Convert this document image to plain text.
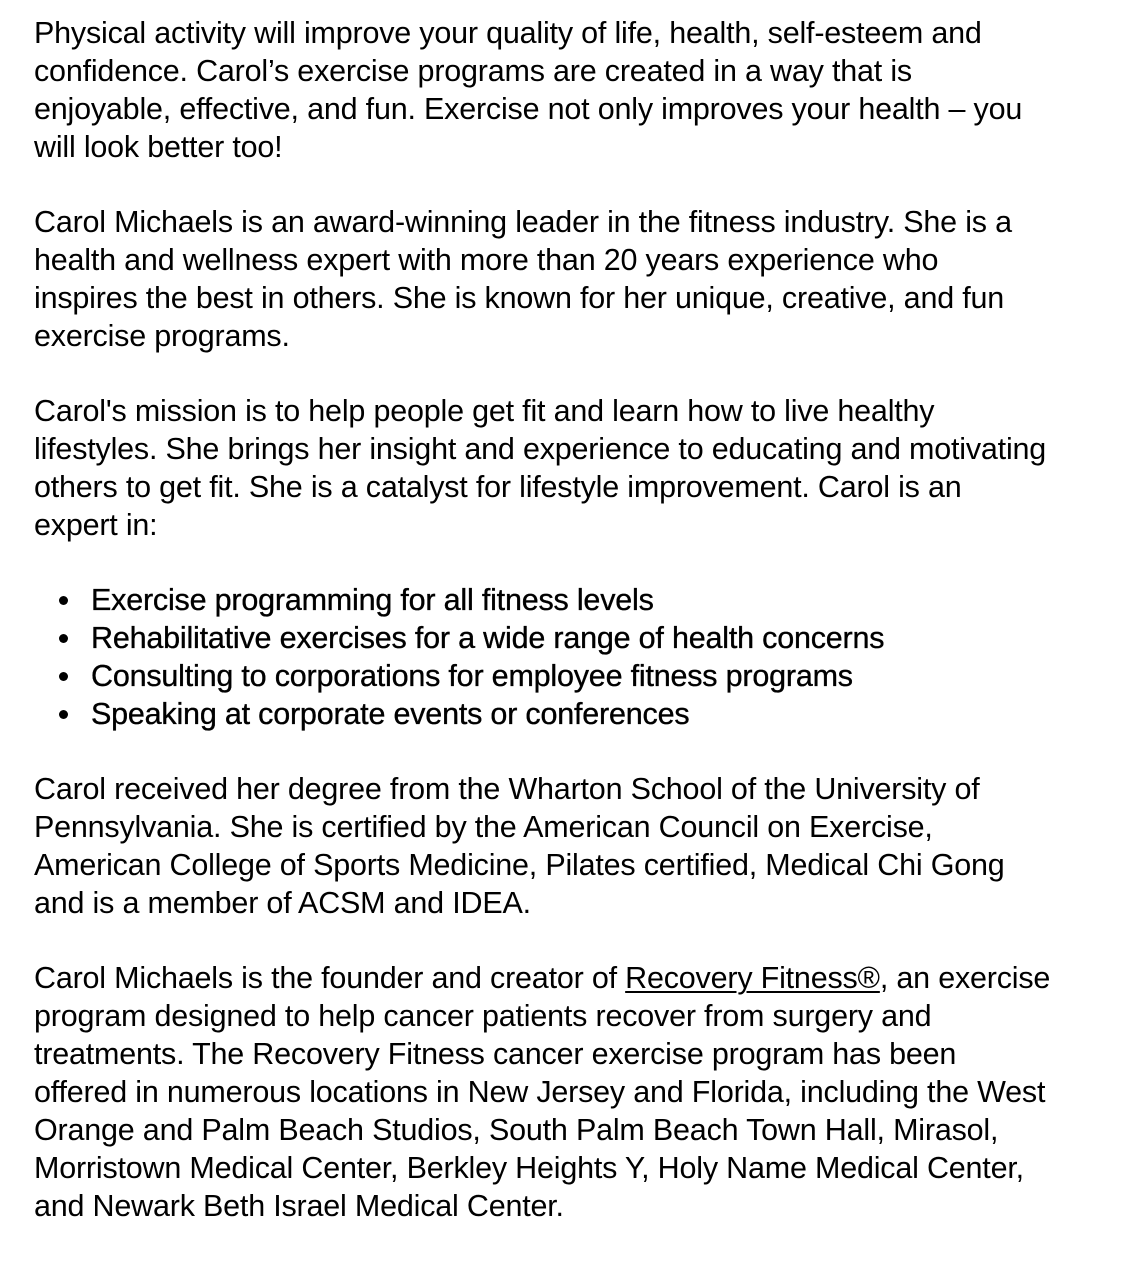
Physical activity will improve your quality of life, health, self-esteem and
confidence. Carol’s exercise programs are created in a way that is
enjoyable, effective, and fun. Exercise not only improves your health – you
will look better too!

Carol Michaels is an award-winning leader in the fitness industry. She is a
health and wellness expert with more than 20 years experience who
inspires the best in others. She is known for her unique, creative, and fun
exercise programs.

Carol's mission is to help people get fit and learn how to live healthy
lifestyles. She brings her insight and experience to educating and motivating
others to get fit. She is a catalyst for lifestyle improvement. Carol is an
expert in:

Exercise programming for all fitness levels
Rehabilitative exercises for a wide range of health concerns
Consulting to corporations for employee fitness programs
Speaking at corporate events or conferences

Carol received her degree from the Wharton School of the University of
Pennsylvania. She is certified by the American Council on Exercise,
American College of Sports Medicine, Pilates certified, Medical Chi Gong
and is a member of ACSM and IDEA.

Carol Michaels is the founder and creator of Recovery Fitness®, an exercise
program designed to help cancer patients recover from surgery and
treatments. The Recovery Fitness cancer exercise program has been
offered in numerous locations in New Jersey and Florida, including the West
Orange and Palm Beach Studios, South Palm Beach Town Hall, Mirasol,
Morristown Medical Center, Berkley Heights Y, Holy Name Medical Center,
and Newark Beth Israel Medical Center.
